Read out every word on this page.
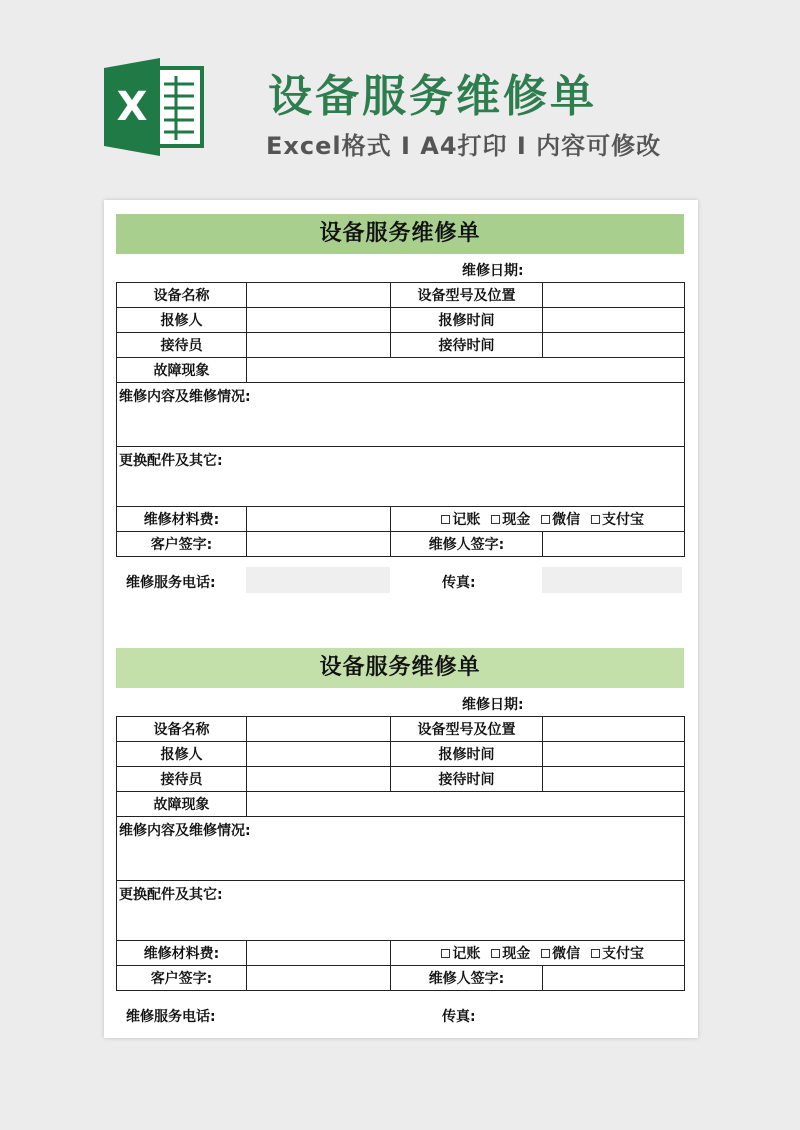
X	设备服务维修单
Excel格式 I A4打印 I 内容可修改
设备服务维修单
维修日期:
设备名称		设备型号及位置	
报修人		报修时间	
接待员		接待时间	
故障现象			
维修内容及维修情况:			
更换配件及其它:			
维修材料费:		记账 现金 微信 支付宝	
客户签字:		维修人签字:	
维修服务电话:	传真:
设备服务维修单
维修日期:
设备名称		设备型号及位置	
报修人		报修时间	
接待员		接待时间	
故障现象			
维修内容及维修情况:			
更换配件及其它:			
维修材料费:		记账 现金 微信 支付宝	
客户签字:		维修人签字:	
维修服务电话:	传真:
